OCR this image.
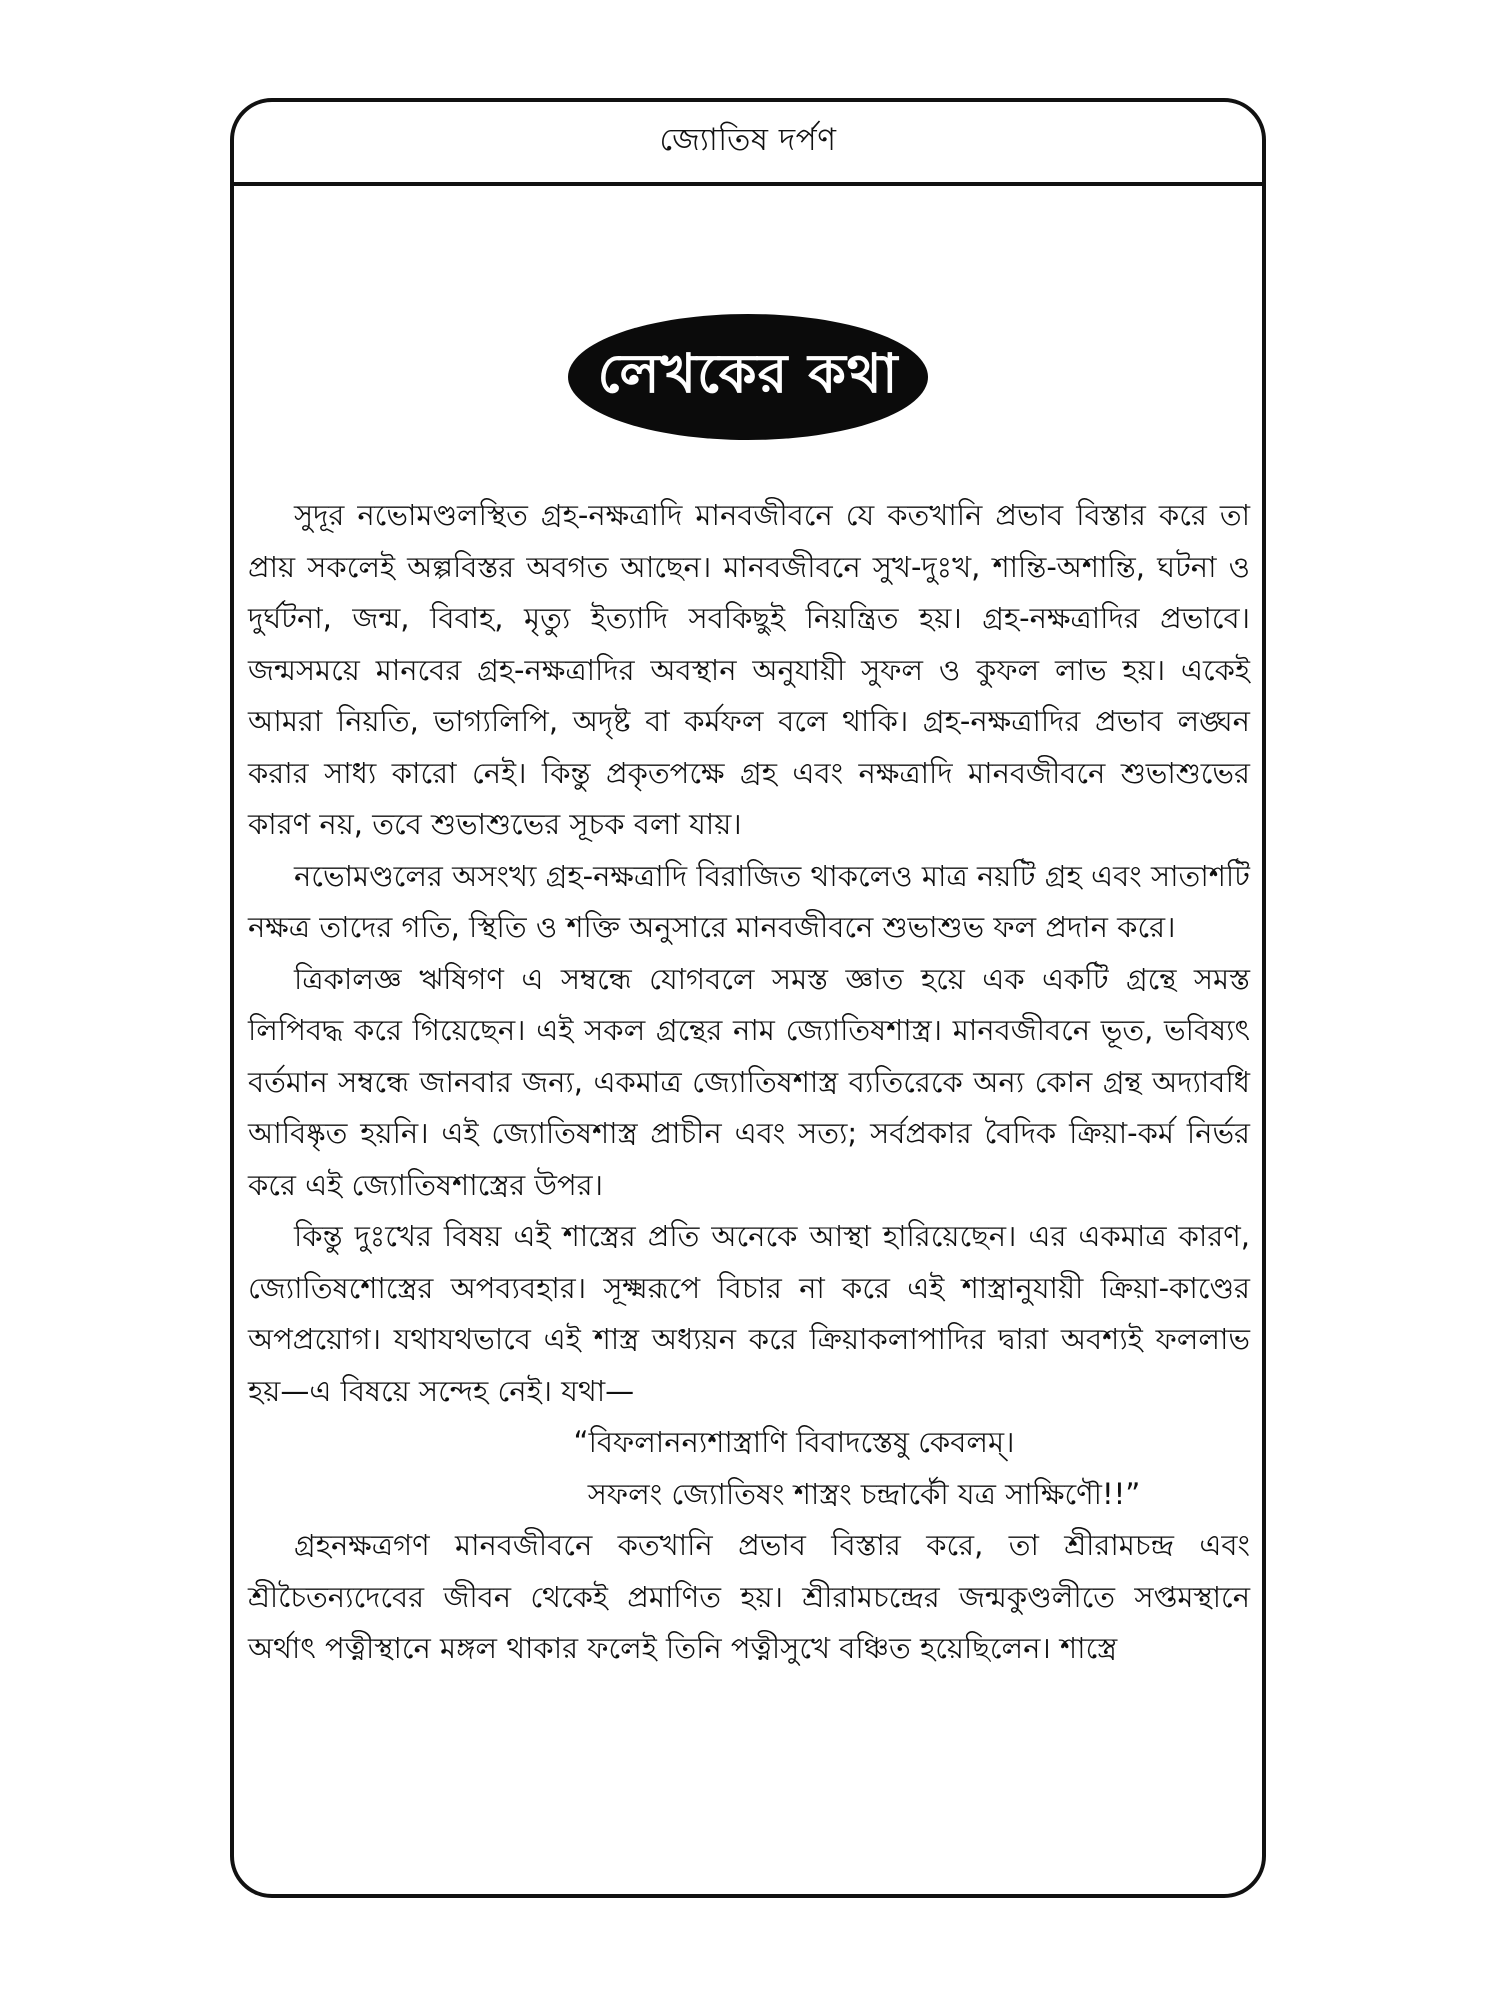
জ্যোতিষ দর্পণ
লেখকের কথা

সুদূর নভোমণ্ডলস্থিত গ্রহ-নক্ষত্রাদি মানবজীবনে যে কতখানি প্রভাব বিস্তার করে তা প্রায় সকলেই অল্পবিস্তর অবগত আছেন। মানবজীবনে সুখ-দুঃখ, শান্তি-অশান্তি, ঘটনা ও দুর্ঘটনা, জন্ম, বিবাহ, মৃত্যু ইত্যাদি সবকিছুই নিয়ন্ত্রিত হয়। গ্রহ-নক্ষত্রাদির প্রভাবে। জন্মসময়ে মানবের গ্রহ-নক্ষত্রাদির অবস্থান অনুযায়ী সুফল ও কুফল লাভ হয়। একেই আমরা নিয়তি, ভাগ্যলিপি, অদৃষ্ট বা কর্মফল বলে থাকি। গ্রহ-নক্ষত্রাদির প্রভাব লঙ্ঘন করার সাধ্য কারো নেই। কিন্তু প্রকৃতপক্ষে গ্রহ এবং নক্ষত্রাদি মানবজীবনে শুভাশুভের কারণ নয়, তবে শুভাশুভের সূচক বলা যায়।

নভোমণ্ডলের অসংখ্য গ্রহ-নক্ষত্রাদি বিরাজিত থাকলেও মাত্র নয়টি গ্রহ এবং সাতাশটি নক্ষত্র তাদের গতি, স্থিতি ও শক্তি অনুসারে মানবজীবনে শুভাশুভ ফল প্রদান করে।

ত্রিকালজ্ঞ ঋষিগণ এ সম্বন্ধে যোগবলে সমস্ত জ্ঞাত হয়ে এক একটি গ্রন্থে সমস্ত লিপিবদ্ধ করে গিয়েছেন। এই সকল গ্রন্থের নাম জ্যোতিষশাস্ত্র। মানবজীবনে ভূত, ভবিষ্যৎ বর্তমান সম্বন্ধে জানবার জন্য, একমাত্র জ্যোতিষশাস্ত্র ব্যতিরেকে অন্য কোন গ্রন্থ অদ্যাবধি আবিষ্কৃত হয়নি। এই জ্যোতিষশাস্ত্র প্রাচীন এবং সত্য; সর্বপ্রকার বৈদিক ক্রিয়া-কর্ম নির্ভর করে এই জ্যোতিষশাস্ত্রের উপর।

কিন্তু দুঃখের বিষয় এই শাস্ত্রের প্রতি অনেকে আস্থা হারিয়েছেন। এর একমাত্র কারণ, জ্যোতিষশোস্ত্রের অপব্যবহার। সূক্ষ্মরূপে বিচার না করে এই শাস্ত্রানুযায়ী ক্রিয়া-কাণ্ডের অপপ্রয়োগ। যথাযথভাবে এই শাস্ত্র অধ্যয়ন করে ক্রিয়াকলাপাদির দ্বারা অবশ্যই ফললাভ হয়—এ বিষয়ে সন্দেহ নেই। যথা—

“বিফলানন্যশাস্ত্রাণি বিবাদস্তেষু কেবলম্।

সফলং জ্যোতিষং শাস্ত্রং চন্দ্রার্কৌ যত্র সাক্ষিণৌ!!”

গ্রহনক্ষত্রগণ মানবজীবনে কতখানি প্রভাব বিস্তার করে, তা শ্রীরামচন্দ্র এবং শ্রীচৈতন্যদেবের জীবন থেকেই প্রমাণিত হয়। শ্রীরামচন্দ্রের জন্মকুণ্ডলীতে সপ্তমস্থানে অর্থাৎ পত্নীস্থানে মঙ্গল থাকার ফলেই তিনি পত্নীসুখে বঞ্চিত হয়েছিলেন। শাস্ত্রে
